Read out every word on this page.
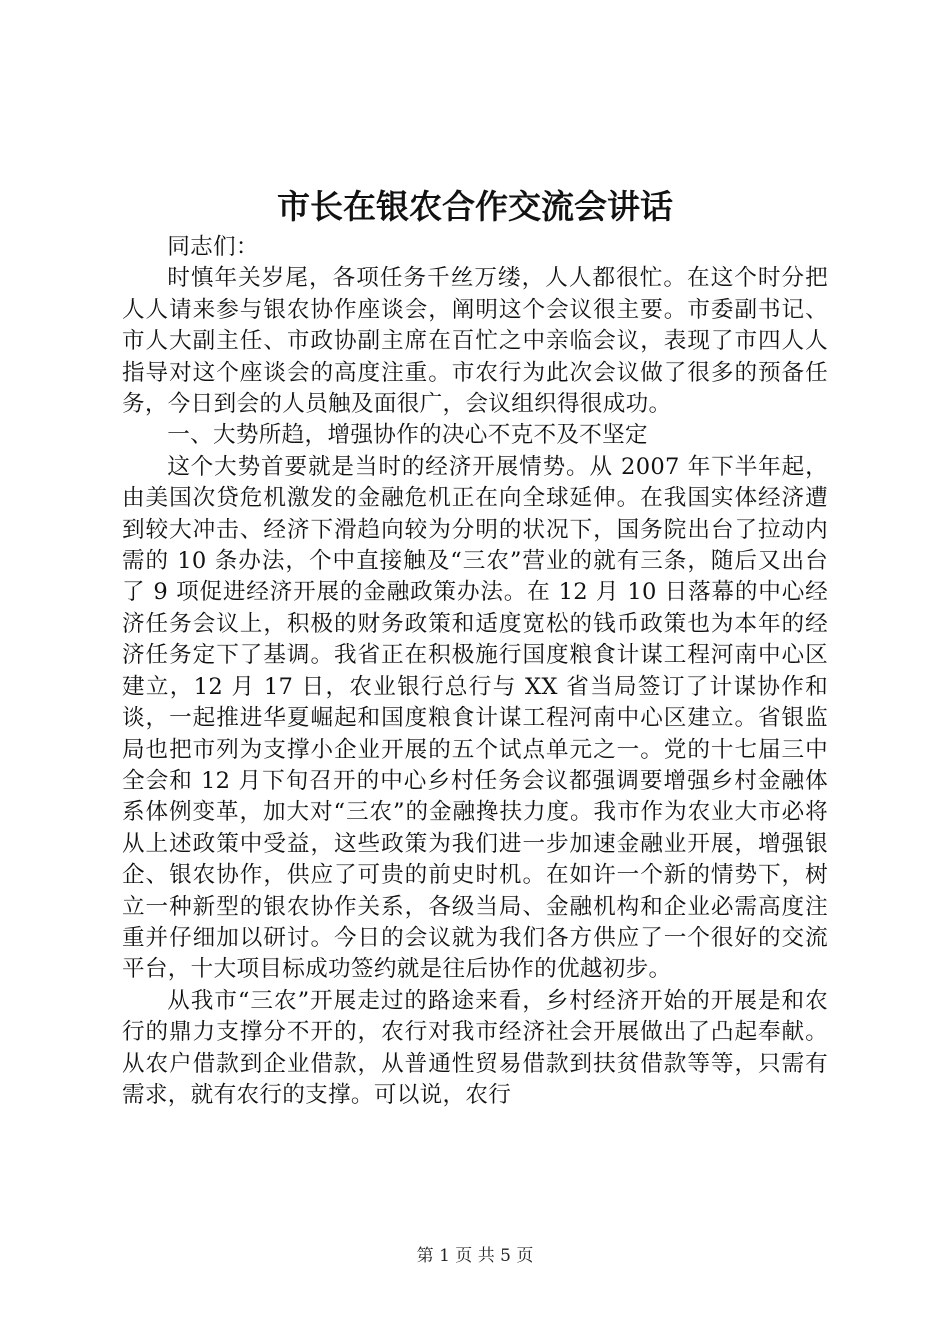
市长在银农合作交流会讲话

同志们：

时慎年关岁尾，各项任务千丝万缕，人人都很忙。在这个时分把人人请来参与银农协作座谈会，阐明这个会议很主要。市委副书记、市人大副主任、市政协副主席在百忙之中亲临会议，表现了市四人人指导对这个座谈会的高度注重。市农行为此次会议做了很多的预备任务，今日到会的人员触及面很广，会议组织得很成功。

一、大势所趋，增强协作的决心不克不及不坚定

这个大势首要就是当时的经济开展情势。从 2007 年下半年起，由美国次贷危机激发的金融危机正在向全球延伸。在我国实体经济遭到较大冲击、经济下滑趋向较为分明的状况下，国务院出台了拉动内需的 10 条办法，个中直接触及“三农”营业的就有三条，随后又出台了 9 项促进经济开展的金融政策办法。在 12 月 10 日落幕的中心经济任务会议上，积极的财务政策和适度宽松的钱币政策也为本年的经济任务定下了基调。我省正在积极施行国度粮食计谋工程河南中心区建立，12 月 17 日，农业银行总行与 XX 省当局签订了计谋协作和谈，一起推进华夏崛起和国度粮食计谋工程河南中心区建立。省银监局也把市列为支撑小企业开展的五个试点单元之一。党的十七届三中全会和 12 月下旬召开的中心乡村任务会议都强调要增强乡村金融体系体例变革，加大对“三农”的金融搀扶力度。我市作为农业大市必将从上述政策中受益，这些政策为我们进一步加速金融业开展，增强银企、银农协作，供应了可贵的前史时机。在如许一个新的情势下，树立一种新型的银农协作关系，各级当局、金融机构和企业必需高度注重并仔细加以研讨。今日的会议就为我们各方供应了一个很好的交流平台，十大项目标成功签约就是往后协作的优越初步。

从我市“三农”开展走过的路途来看，乡村经济开始的开展是和农行的鼎力支撑分不开的，农行对我市经济社会开展做出了凸起奉献。从农户借款到企业借款，从普通性贸易借款到扶贫借款等等，只需有需求，就有农行的支撑。可以说，农行

第 1 页 共 5 页
